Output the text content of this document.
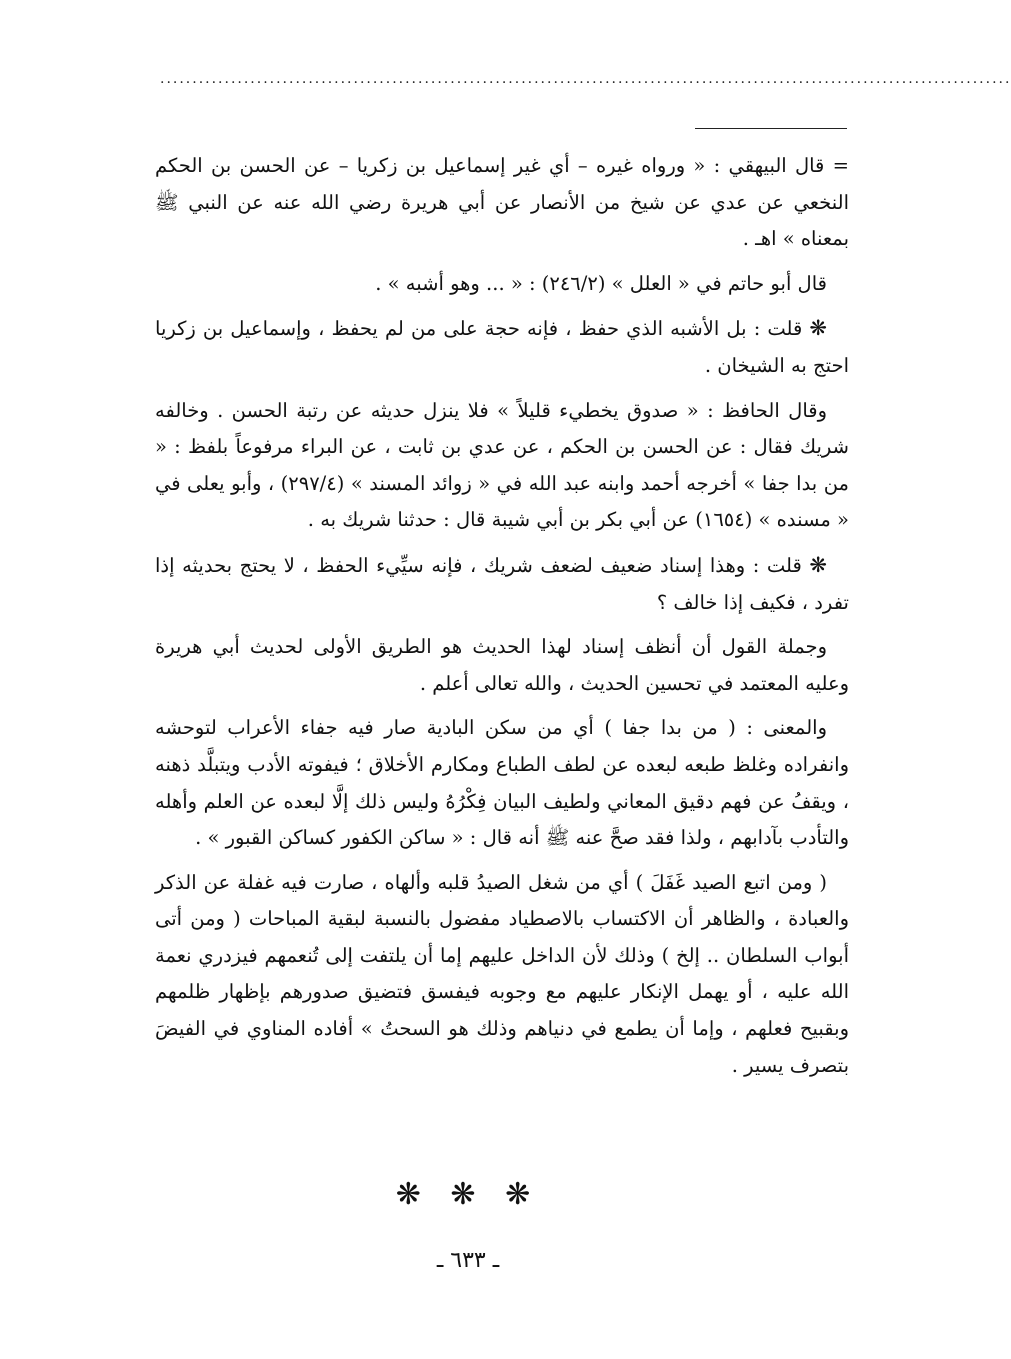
....................................................................................................................................

= قال البيهقي : « ورواه غيره – أي غير إسماعيل بن زكريا – عن الحسن بن الحكم النخعي عن عدي عن شيخ من الأنصار عن أبي هريرة رضي الله عنه عن النبي ﷺ بمعناه » اهـ .

قال أبو حاتم في « العلل » (٢٤٦/٢) : « ... وهو أشبه » .

❋ قلت : بل الأشبه الذي حفظ ، فإنه حجة على من لم يحفظ ، وإسماعيل بن زكريا احتج به الشيخان .

وقال الحافظ : « صدوق يخطيء قليلاً » فلا ينزل حديثه عن رتبة الحسن . وخالفه شريك فقال : عن الحسن بن الحكم ، عن عدي بن ثابت ، عن البراء مرفوعاً بلفظ : « من بدا جفا » أخرجه أحمد وابنه عبد الله في « زوائد المسند » (٢٩٧/٤) ، وأبو يعلى في « مسنده » (١٦٥٤) عن أبي بكر بن أبي شيبة قال : حدثنا شريك به .

❋ قلت : وهذا إسناد ضعيف لضعف شريك ، فإنه سيِّيء الحفظ ، لا يحتج بحديثه إذا تفرد ، فكيف إذا خالف ؟

وجملة القول أن أنظف إسناد لهذا الحديث هو الطريق الأولى لحديث أبي هريرة وعليه المعتمد في تحسين الحديث ، والله تعالى أعلم .

والمعنى : ( من بدا جفا ) أي من سكن البادية صار فيه جفاء الأعراب لتوحشه وانفراده وغلظ طبعه لبعده عن لطف الطباع ومكارم الأخلاق ؛ فيفوته الأدب ويتبلَّد ذهنه ، ويقفُ عن فهم دقيق المعاني ولطيف البيان فِكْرُهُ وليس ذلك إلَّا لبعده عن العلم وأهله والتأدب بآدابهم ، ولذا فقد صحَّ عنه ﷺ أنه قال : « ساكن الكفور كساكن القبور » .

( ومن اتبع الصيد غَفَلَ ) أي من شغل الصيدُ قلبه وألهاه ، صارت فيه غفلة عن الذكر والعبادة ، والظاهر أن الاكتساب بالاصطياد مفضول بالنسبة لبقية المباحات ( ومن أتى أبواب السلطان .. إلخ ) وذلك لأن الداخل عليهم إما أن يلتفت إلى تُنعمهم فيزدري نعمة الله عليه ، أو يهمل الإنكار عليهم مع وجوبه فيفسق فتضيق صدورهم بإظهار ظلمهم وبقبيح فعلهم ، وإما أن يطمع في دنياهم وذلك هو السحتُ » أفاده المناوي في الفيضَ بتصرف يسير .

❋ ❋ ❋
ـ ٦٣٣ ـ
